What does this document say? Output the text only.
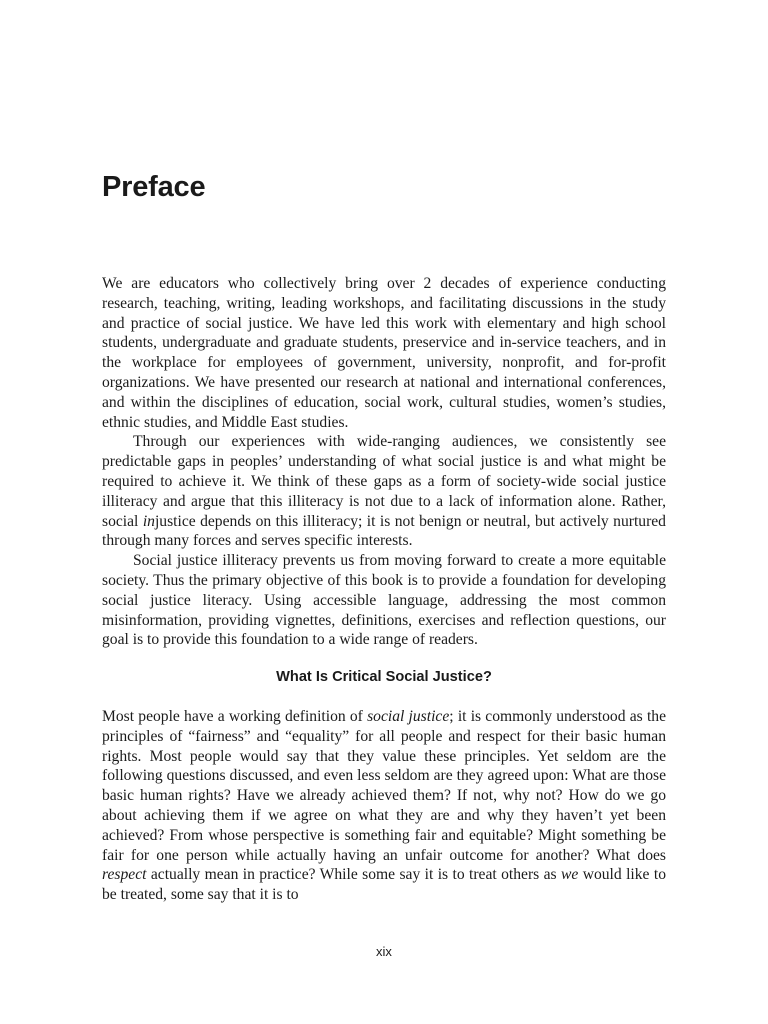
Preface

We are educators who collectively bring over 2 decades of experience conducting research, teaching, writing, leading workshops, and facilitating discussions in the study and practice of social justice. We have led this work with elementary and high school students, undergraduate and graduate students, preservice and in-service teachers, and in the workplace for employees of government, university, nonprofit, and for-profit organizations. We have presented our research at national and international conferences, and within the disciplines of education, social work, cultural studies, women’s studies, ethnic studies, and Middle East studies.

Through our experiences with wide-ranging audiences, we consistently see predictable gaps in peoples’ understanding of what social justice is and what might be required to achieve it. We think of these gaps as a form of society-wide social justice illiteracy and argue that this illiteracy is not due to a lack of information alone. Rather, social injustice depends on this illiteracy; it is not benign or neutral, but actively nurtured through many forces and serves specific interests.

Social justice illiteracy prevents us from moving forward to create a more equitable society. Thus the primary objective of this book is to provide a foundation for developing social justice literacy. Using accessible language, addressing the most common misinformation, providing vignettes, definitions, exercises and reflection questions, our goal is to provide this foundation to a wide range of readers.

What Is Critical Social Justice?

Most people have a working definition of social justice; it is commonly understood as the principles of “fairness” and “equality” for all people and respect for their basic human rights. Most people would say that they value these principles. Yet seldom are the following questions discussed, and even less seldom are they agreed upon: What are those basic human rights? Have we already achieved them? If not, why not? How do we go about achieving them if we agree on what they are and why they haven’t yet been achieved? From whose perspective is something fair and equitable? Might something be fair for one person while actually having an unfair outcome for another? What does respect actually mean in practice? While some say it is to treat others as we would like to be treated, some say that it is to

xix
